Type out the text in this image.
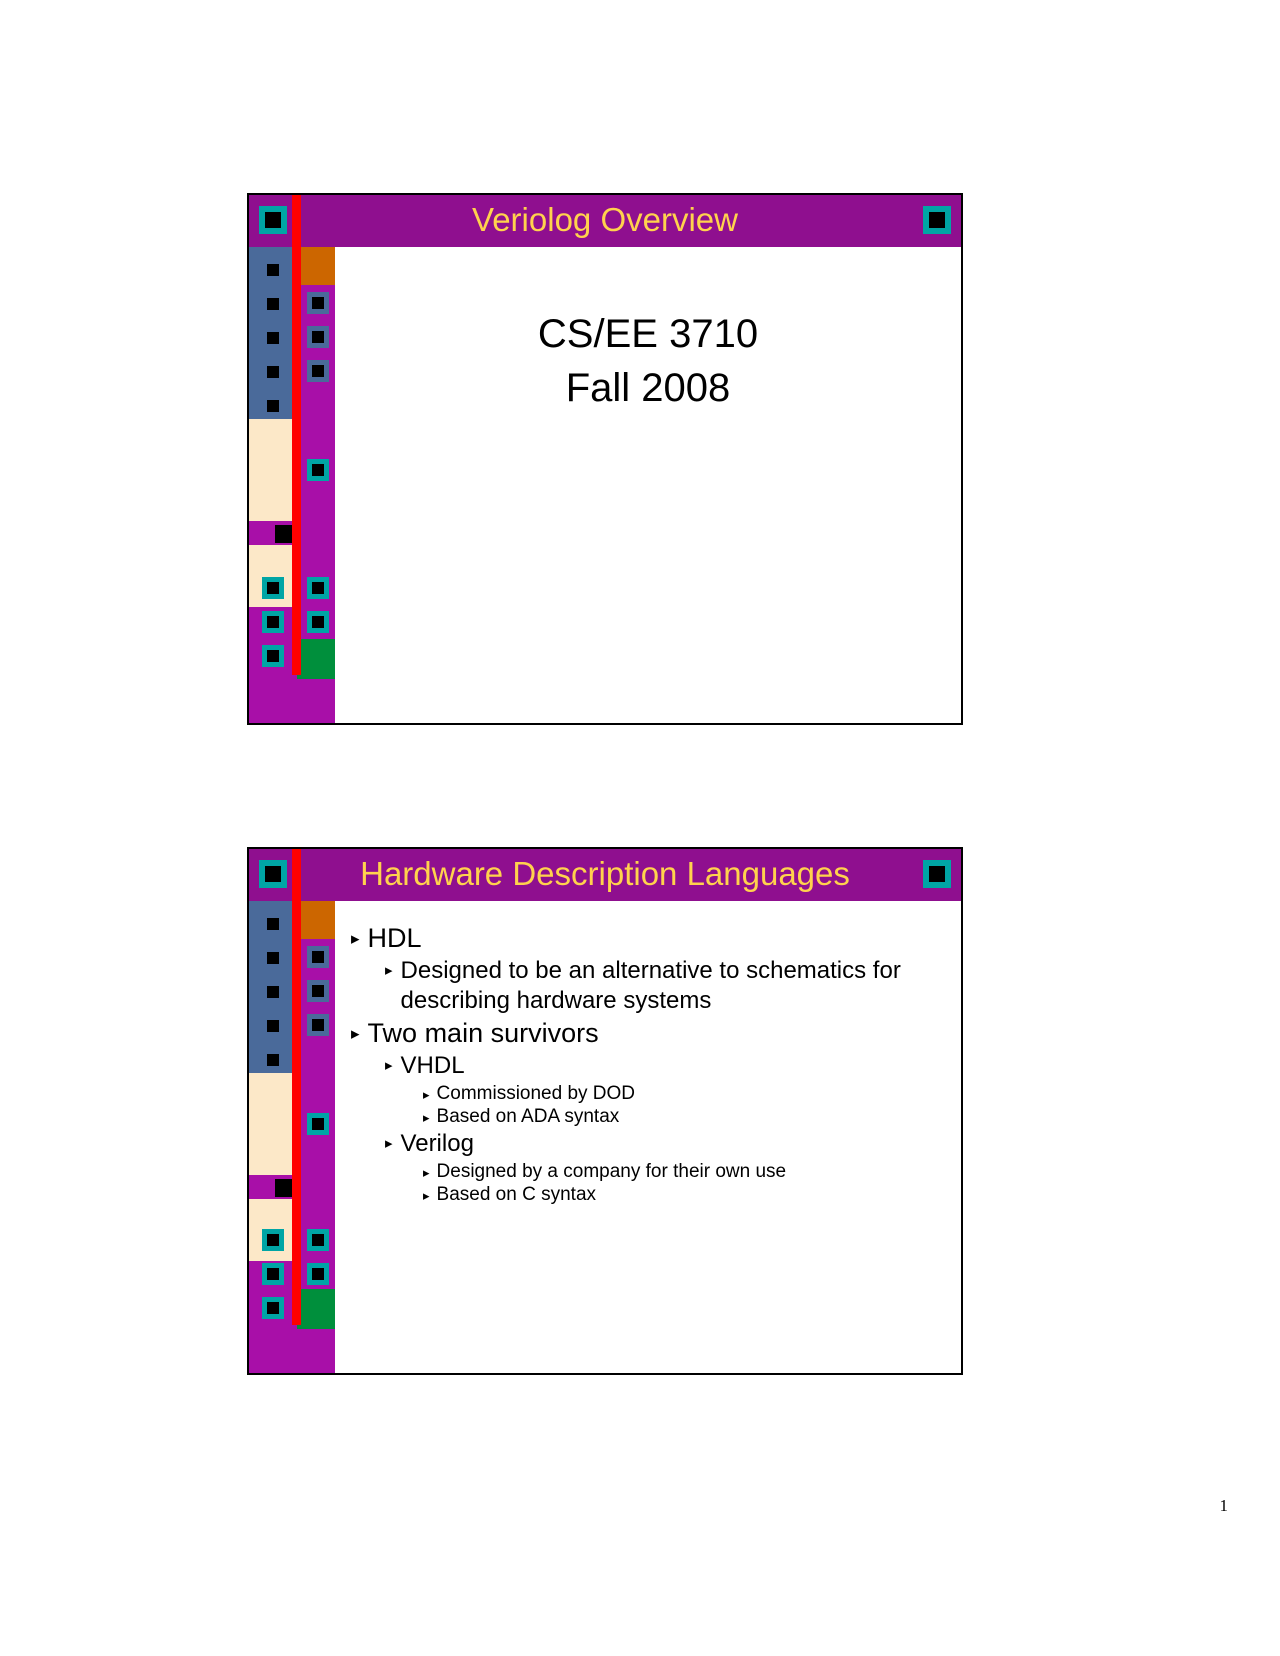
Veriolog Overview
CS/EE 3710
Fall 2008
Hardware Description Languages
▸ HDL
▸ Designed to be an alternative to schematics for describing hardware systems
▸ Two main survivors
▸ VHDL
▸ Commissioned by DOD
▸ Based on ADA syntax
▸ Verilog
▸ Designed by a company for their own use
▸ Based on C syntax
1
